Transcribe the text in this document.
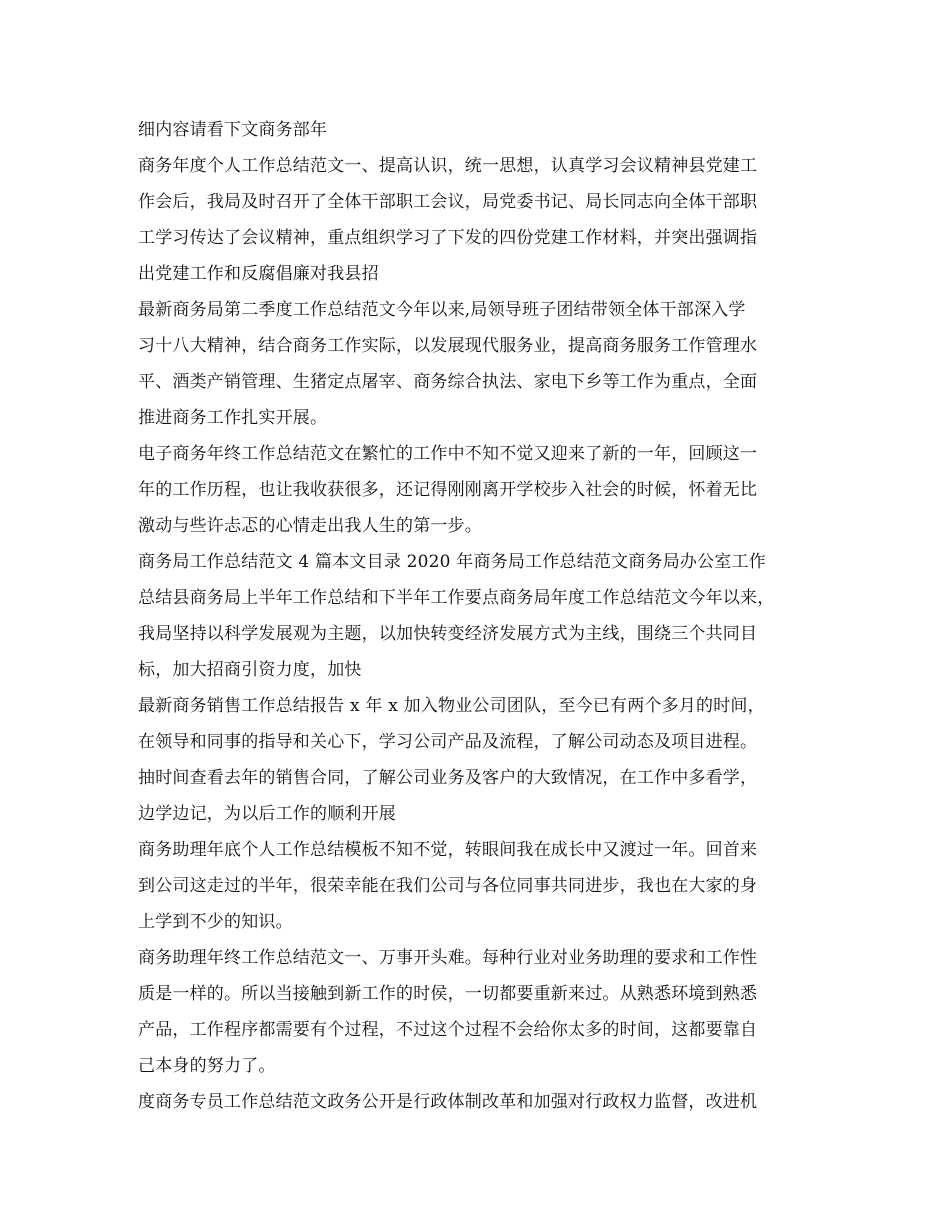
细内容请看下文商务部年
商务年度个人工作总结范文一、提高认识，统一思想，认真学习会议精神县党建工
作会后，我局及时召开了全体干部职工会议，局党委书记、局长同志向全体干部职
工学习传达了会议精神，重点组织学习了下发的四份党建工作材料，并突出强调指
出党建工作和反腐倡廉对我县招
最新商务局第二季度工作总结范文今年以来,局领导班子团结带领全体干部深入学
习十八大精神，结合商务工作实际，以发展现代服务业，提高商务服务工作管理水
平、酒类产销管理、生猪定点屠宰、商务综合执法、家电下乡等工作为重点，全面
推进商务工作扎实开展。
电子商务年终工作总结范文在繁忙的工作中不知不觉又迎来了新的一年，回顾这一
年的工作历程，也让我收获很多，还记得刚刚离开学校步入社会的时候，怀着无比
激动与些许忐忑的心情走出我人生的第一步。
商务局工作总结范文 4 篇本文目录 2020 年商务局工作总结范文商务局办公室工作
总结县商务局上半年工作总结和下半年工作要点商务局年度工作总结范文今年以来，
我局坚持以科学发展观为主题，以加快转变经济发展方式为主线，围绕三个共同目
标，加大招商引资力度，加快
最新商务销售工作总结报告 x 年 x 加入物业公司团队，至今已有两个多月的时间，
在领导和同事的指导和关心下，学习公司产品及流程，了解公司动态及项目进程。
抽时间查看去年的销售合同，了解公司业务及客户的大致情况，在工作中多看学，
边学边记，为以后工作的顺利开展
商务助理年底个人工作总结模板不知不觉，转眼间我在成长中又渡过一年。回首来
到公司这走过的半年，很荣幸能在我们公司与各位同事共同进步，我也在大家的身
上学到不少的知识。
商务助理年终工作总结范文一、万事开头难。每种行业对业务助理的要求和工作性
质是一样的。所以当接触到新工作的时侯，一切都要重新来过。从熟悉环境到熟悉
产品，工作程序都需要有个过程，不过这个过程不会给你太多的时间，这都要靠自
己本身的努力了。
度商务专员工作总结范文政务公开是行政体制改革和加强对行政权力监督，改进机
